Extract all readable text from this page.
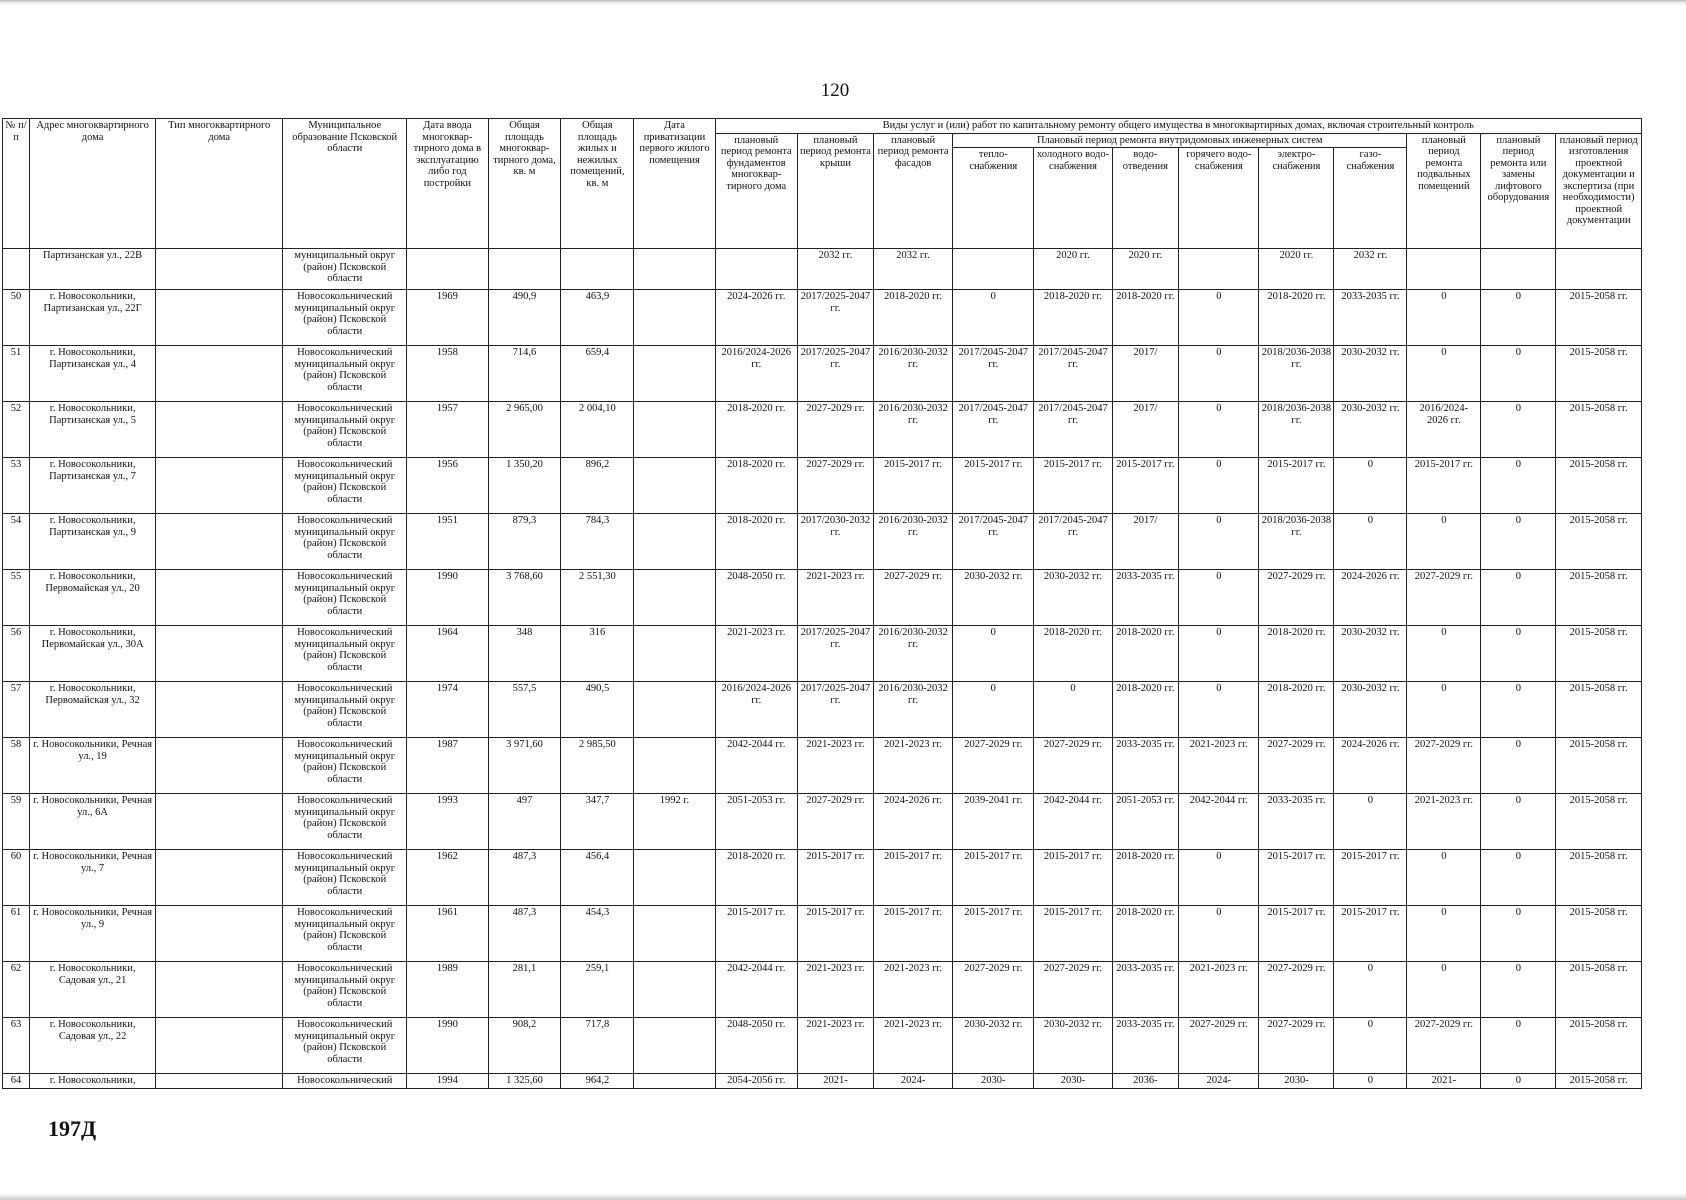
120
№ п/п	Адрес многоквартирного дома	Тип многоквартирного дома	Муниципальное образование Псковской области	Дата ввода многоквар-тирного дома в эксплуатацию либо год постройки	Общая площадь многоквар-тирного дома, кв. м	Общая площадь жилых и нежилых помещений, кв. м	Дата приватизации первого жилого помещения	Виды услуг и (или) работ по капитальному ремонту общего имущества в многоквартирных домах, включая строительный контроль											
								плановый период ремонта фундаментов многоквар-тирного дома	плановый период ремонта крыши	плановый период ремонта фасадов	Плановый период ремонта внутридомовых инженерных систем						плановый период ремонта подвальных помещений	плановый период ремонта или замены лифтового оборудования	плановый период изготовления проектной документации и экспертиза (при необходимости) проектной документации
											тепло-снабжения	холодного водо-снабжения	водо-отведения	горячего водо-снабжения	электро-снабжения	газо-снабжения			
	Партизанская ул., 22В		муниципальный округ (район) Псковской области						2032 гг.	2032 гг.		2020 гг.	2020 гг.		2020 гг.	2032 гг.			
50	г. Новосокольники, Партизанская ул., 22Г		Новосокольнический муниципальный округ (район) Псковской области	1969	490,9	463,9		2024-2026 гг.	2017/2025-2047 гг.	2018-2020 гг.	0	2018-2020 гг.	2018-2020 гг.	0	2018-2020 гг.	2033-2035 гг.	0	0	2015-2058 гг.
51	г. Новосокольники, Партизанская ул., 4		Новосокольнический муниципальный округ (район) Псковской области	1958	714,6	659,4		2016/2024-2026 гг.	2017/2025-2047 гг.	2016/2030-2032 гг.	2017/2045-2047 гг.	2017/2045-2047 гг.	2017/	0	2018/2036-2038 гг.	2030-2032 гг.	0	0	2015-2058 гг.
52	г. Новосокольники, Партизанская ул., 5		Новосокольнический муниципальный округ (район) Псковской области	1957	2 965,00	2 004,10		2018-2020 гг.	2027-2029 гг.	2016/2030-2032 гг.	2017/2045-2047 гг.	2017/2045-2047 гг.	2017/	0	2018/2036-2038 гг.	2030-2032 гг.	2016/2024-2026 гг.	0	2015-2058 гг.
53	г. Новосокольники, Партизанская ул., 7		Новосокольнический муниципальный округ (район) Псковской области	1956	1 350,20	896,2		2018-2020 гг.	2027-2029 гг.	2015-2017 гг.	2015-2017 гг.	2015-2017 гг.	2015-2017 гг.	0	2015-2017 гг.	0	2015-2017 гг.	0	2015-2058 гг.
54	г. Новосокольники, Партизанская ул., 9		Новосокольнический муниципальный округ (район) Псковской области	1951	879,3	784,3		2018-2020 гг.	2017/2030-2032 гг.	2016/2030-2032 гг.	2017/2045-2047 гг.	2017/2045-2047 гг.	2017/	0	2018/2036-2038 гг.	0	0	0	2015-2058 гг.
55	г. Новосокольники, Первомайская ул., 20		Новосокольнический муниципальный округ (район) Псковской области	1990	3 768,60	2 551,30		2048-2050 гг.	2021-2023 гг.	2027-2029 гг.	2030-2032 гг.	2030-2032 гг.	2033-2035 гг.	0	2027-2029 гг.	2024-2026 гг.	2027-2029 гг.	0	2015-2058 гг.
56	г. Новосокольники, Первомайская ул., 30А		Новосокольнический муниципальный округ (район) Псковской области	1964	348	316		2021-2023 гг.	2017/2025-2047 гг.	2016/2030-2032 гг.	0	2018-2020 гг.	2018-2020 гг.	0	2018-2020 гг.	2030-2032 гг.	0	0	2015-2058 гг.
57	г. Новосокольники, Первомайская ул., 32		Новосокольнический муниципальный округ (район) Псковской области	1974	557,5	490,5		2016/2024-2026 гг.	2017/2025-2047 гг.	2016/2030-2032 гг.	0	0	2018-2020 гг.	0	2018-2020 гг.	2030-2032 гг.	0	0	2015-2058 гг.
58	г. Новосокольники, Речная ул., 19		Новосокольнический муниципальный округ (район) Псковской области	1987	3 971,60	2 985,50		2042-2044 гг.	2021-2023 гг.	2021-2023 гг.	2027-2029 гг.	2027-2029 гг.	2033-2035 гг.	2021-2023 гг.	2027-2029 гг.	2024-2026 гг.	2027-2029 гг.	0	2015-2058 гг.
59	г. Новосокольники, Речная ул., 6А		Новосокольнический муниципальный округ (район) Псковской области	1993	497	347,7	1992 г.	2051-2053 гг.	2027-2029 гг.	2024-2026 гг.	2039-2041 гг.	2042-2044 гг.	2051-2053 гг.	2042-2044 гг.	2033-2035 гг.	0	2021-2023 гг.	0	2015-2058 гг.
60	г. Новосокольники, Речная ул., 7		Новосокольнический муниципальный округ (район) Псковской области	1962	487,3	456,4		2018-2020 гг.	2015-2017 гг.	2015-2017 гг.	2015-2017 гг.	2015-2017 гг.	2018-2020 гг.	0	2015-2017 гг.	2015-2017 гг.	0	0	2015-2058 гг.
61	г. Новосокольники, Речная ул., 9		Новосокольнический муниципальный округ (район) Псковской области	1961	487,3	454,3		2015-2017 гг.	2015-2017 гг.	2015-2017 гг.	2015-2017 гг.	2015-2017 гг.	2018-2020 гг.	0	2015-2017 гг.	2015-2017 гг.	0	0	2015-2058 гг.
62	г. Новосокольники, Садовая ул., 21		Новосокольнический муниципальный округ (район) Псковской области	1989	281,1	259,1		2042-2044 гг.	2021-2023 гг.	2021-2023 гг.	2027-2029 гг.	2027-2029 гг.	2033-2035 гг.	2021-2023 гг.	2027-2029 гг.	0	0	0	2015-2058 гг.
63	г. Новосокольники, Садовая ул., 22		Новосокольнический муниципальный округ (район) Псковской области	1990	908,2	717,8		2048-2050 гг.	2021-2023 гг.	2021-2023 гг.	2030-2032 гг.	2030-2032 гг.	2033-2035 гг.	2027-2029 гг.	2027-2029 гг.	0	2027-2029 гг.	0	2015-2058 гг.
64	г. Новосокольники,		Новосокольнический	1994	1 325,60	964,2		2054-2056 гг.	2021-	2024-	2030-	2030-	2036-	2024-	2030-	0	2021-	0	2015-2058 гг.
197Д
